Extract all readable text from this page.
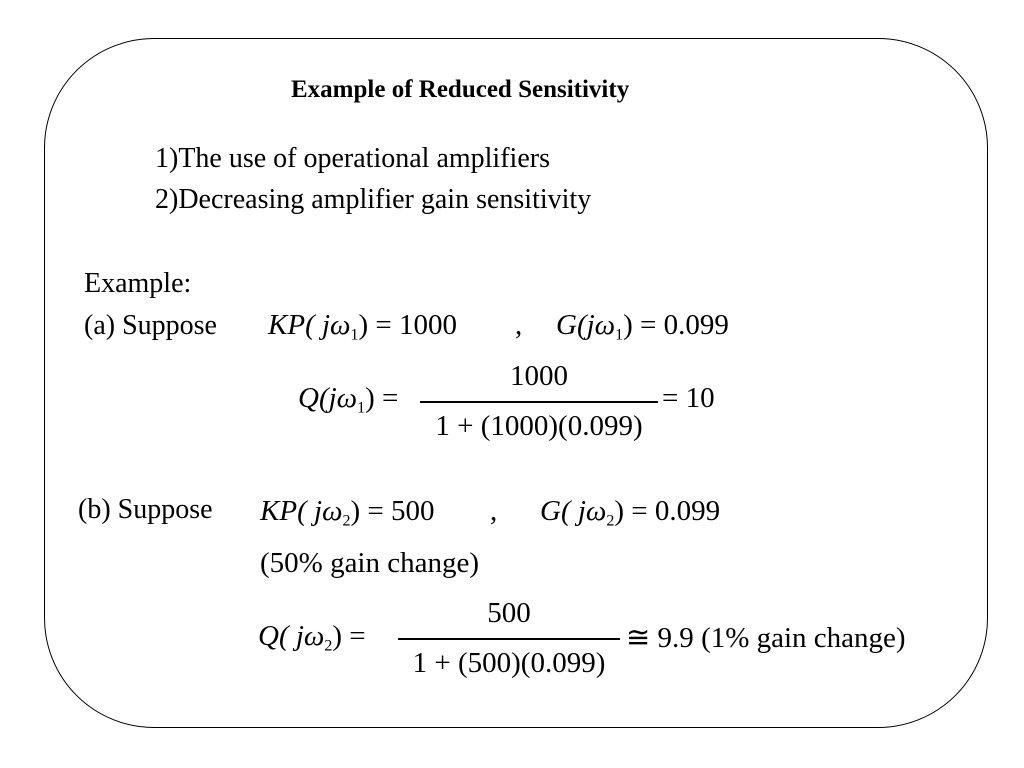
Example of Reduced Sensitivity
1)The use of operational amplifiers
2)Decreasing amplifier gain sensitivity
Example:
(a) Suppose KP( $j\omega_1) = 1000$ , $G(j\omega_1) = 0.099$
$Q(j\omega_1)$ =
1000
1 + (1000)(0.099)
= 10
(b) Suppose KP( $j\omega_2) = 500$ , G( $j\omega_2) = 0.099$
(50% gain change)
Q( $j\omega_2$) =
500
1 + (500)(0.099)
≅ 9.9 (1% gain change)
